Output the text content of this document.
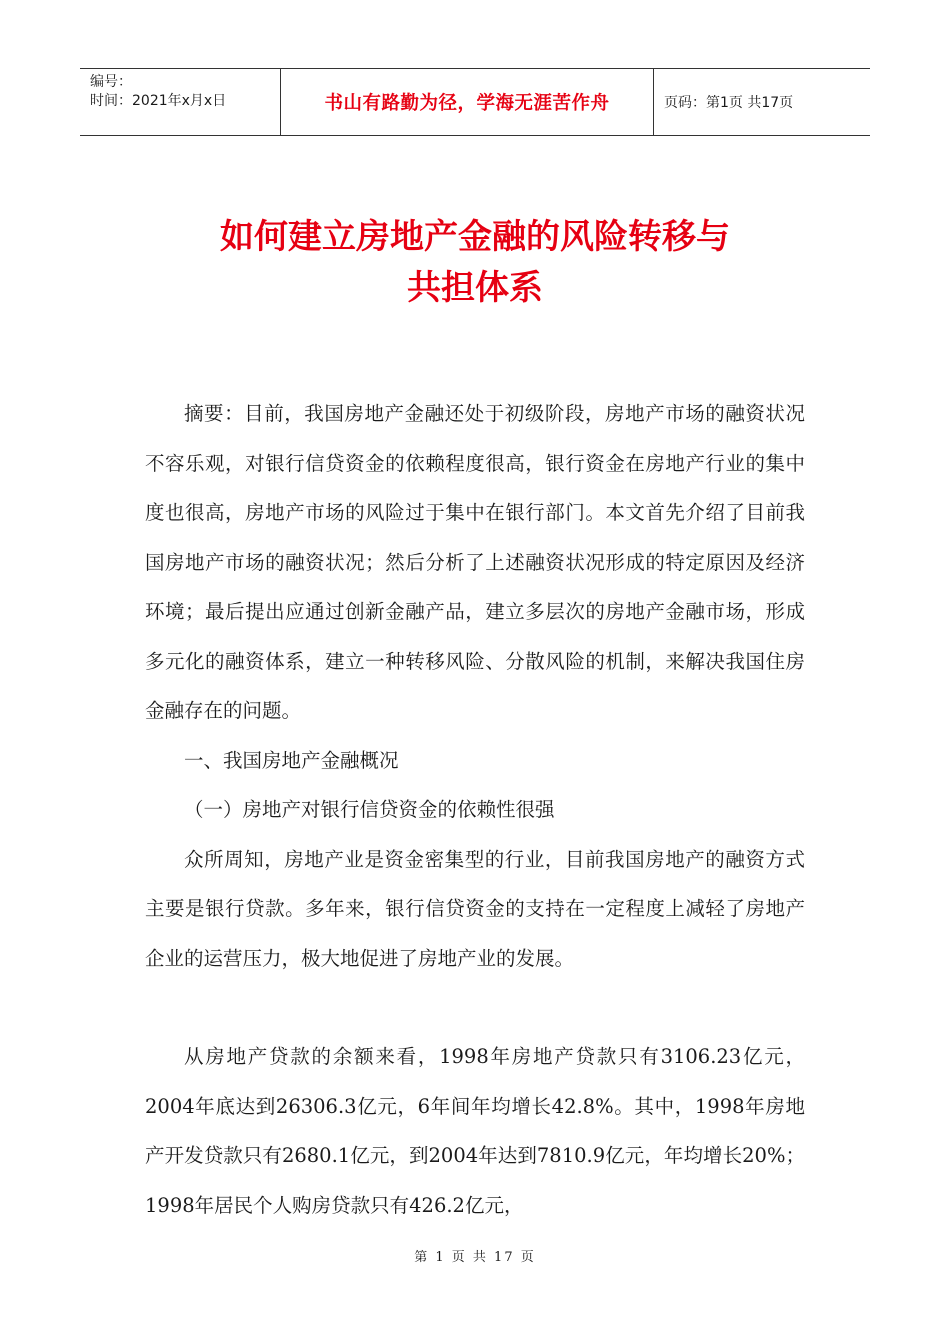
编号：
时间：2021年x月x日	书山有路勤为径，学海无涯苦作舟	页码：第1页 共17页
如何建立房地产金融的风险转移与
共担体系

摘要：目前，我国房地产金融还处于初级阶段，房地产市场的融资状况不容乐观，对银行信贷资金的依赖程度很高，银行资金在房地产行业的集中度也很高，房地产市场的风险过于集中在银行部门。本文首先介绍了目前我国房地产市场的融资状况；然后分析了上述融资状况形成的特定原因及经济环境；最后提出应通过创新金融产品，建立多层次的房地产金融市场，形成多元化的融资体系，建立一种转移风险、分散风险的机制，来解决我国住房金融存在的问题。

一、我国房地产金融概况

（一）房地产对银行信贷资金的依赖性很强

众所周知，房地产业是资金密集型的行业，目前我国房地产的融资方式主要是银行贷款。多年来，银行信贷资金的支持在一定程度上减轻了房地产企业的运营压力，极大地促进了房地产业的发展。

从房地产贷款的余额来看，1998年房地产贷款只有3106.23亿元，2004年底达到26306.3亿元，6年间年均增长42.8%。其中，1998年房地产开发贷款只有2680.1亿元，到2004年达到7810.9亿元，年均增长20%；1998年居民个人购房贷款只有426.2亿元，

第 1 页 共 17 页
